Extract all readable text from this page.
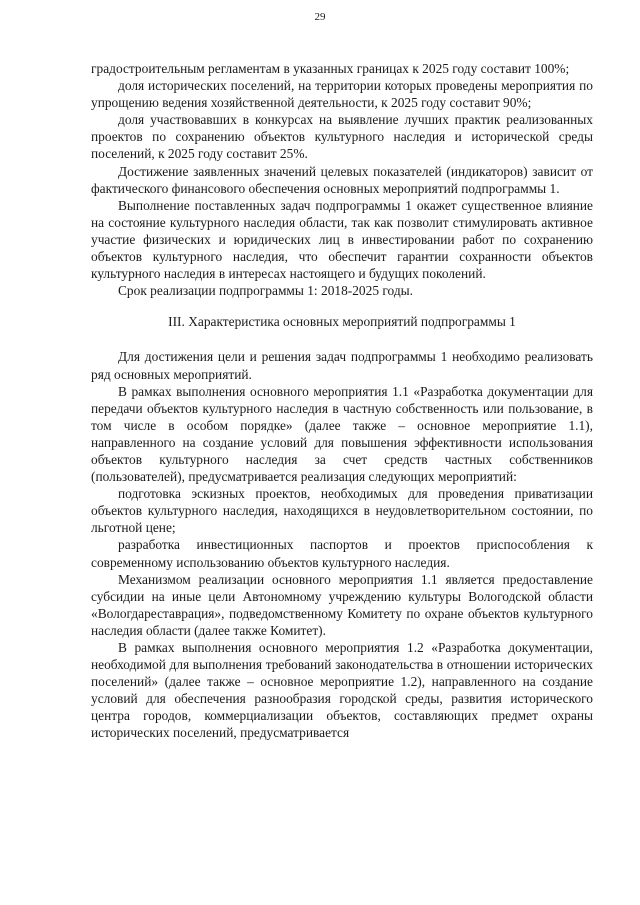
29

градостроительным регламентам в указанных границах к 2025 году составит 100%;

доля исторических поселений, на территории которых проведены мероприятия по упрощению ведения хозяйственной деятельности, к 2025 году составит 90%;

доля участвовавших в конкурсах на выявление лучших практик реализованных проектов по сохранению объектов культурного наследия и исторической среды поселений, к 2025 году составит 25%.

Достижение заявленных значений целевых показателей (индикаторов) зависит от фактического финансового обеспечения основных мероприятий подпрограммы 1.

Выполнение поставленных задач подпрограммы 1 окажет существенное влияние на состояние культурного наследия области, так как позволит стимулировать активное участие физических и юридических лиц в инвестировании работ по сохранению объектов культурного наследия, что обеспечит гарантии сохранности объектов культурного наследия в интересах настоящего и будущих поколений.

Срок реализации подпрограммы 1: 2018-2025 годы.

III. Характеристика основных мероприятий подпрограммы 1

Для достижения цели и решения задач подпрограммы 1 необходимо реализовать ряд основных мероприятий.

В рамках выполнения основного мероприятия 1.1 «Разработка документации для передачи объектов культурного наследия в частную собственность или пользование, в том числе в особом порядке» (далее также – основное мероприятие 1.1), направленного на создание условий для повышения эффективности использования объектов культурного наследия за счет средств частных собственников (пользователей), предусматривается реализация следующих мероприятий:

подготовка эскизных проектов, необходимых для проведения приватизации объектов культурного наследия, находящихся в неудовлетворительном состоянии, по льготной цене;

разработка инвестиционных паспортов и проектов приспособления к современному использованию объектов культурного наследия.

Механизмом реализации основного мероприятия 1.1 является предоставление субсидии на иные цели Автономному учреждению культуры Вологодской области «Вологдареставрация», подведомственному Комитету по охране объектов культурного наследия области (далее также Комитет).

В рамках выполнения основного мероприятия 1.2 «Разработка документации, необходимой для выполнения требований законодательства в отношении исторических поселений» (далее также – основное мероприятие 1.2), направленного на создание условий для обеспечения разнообразия городской среды, развития исторического центра городов, коммерциализации объектов, составляющих предмет охраны исторических поселений, предусматривается
